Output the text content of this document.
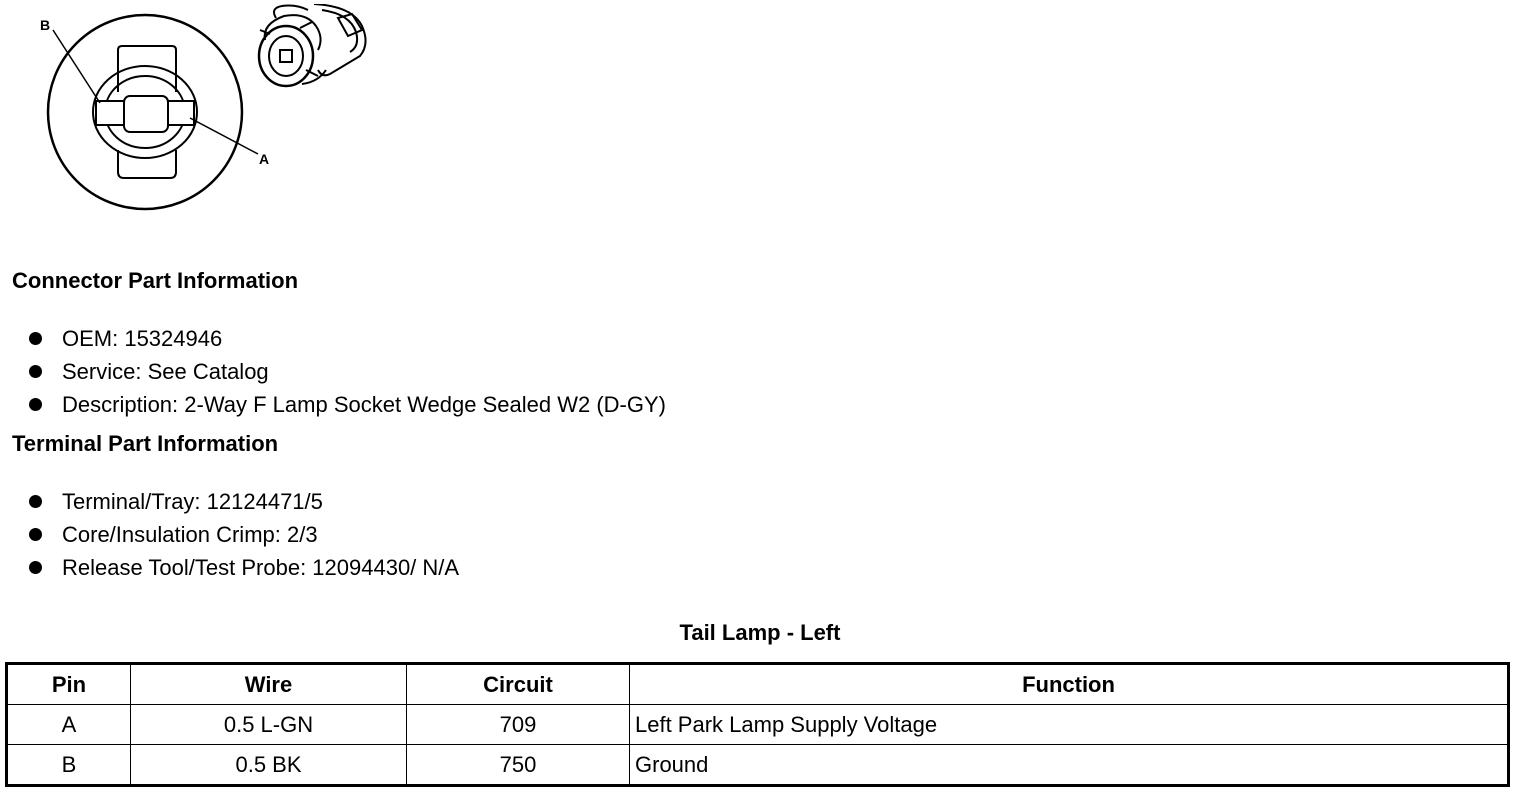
B
A
Connector Part Information
OEM: 15324946
Service: See Catalog
Description: 2-Way F Lamp Socket Wedge Sealed W2 (D-GY)
Terminal Part Information
Terminal/Tray: 12124471/5
Core/Insulation Crimp: 2/3
Release Tool/Test Probe: 12094430/ N/A
Tail Lamp - Left
Pin	Wire	Circuit	Function
A	0.5 L-GN	709	Left Park Lamp Supply Voltage
B	0.5 BK	750	Ground
